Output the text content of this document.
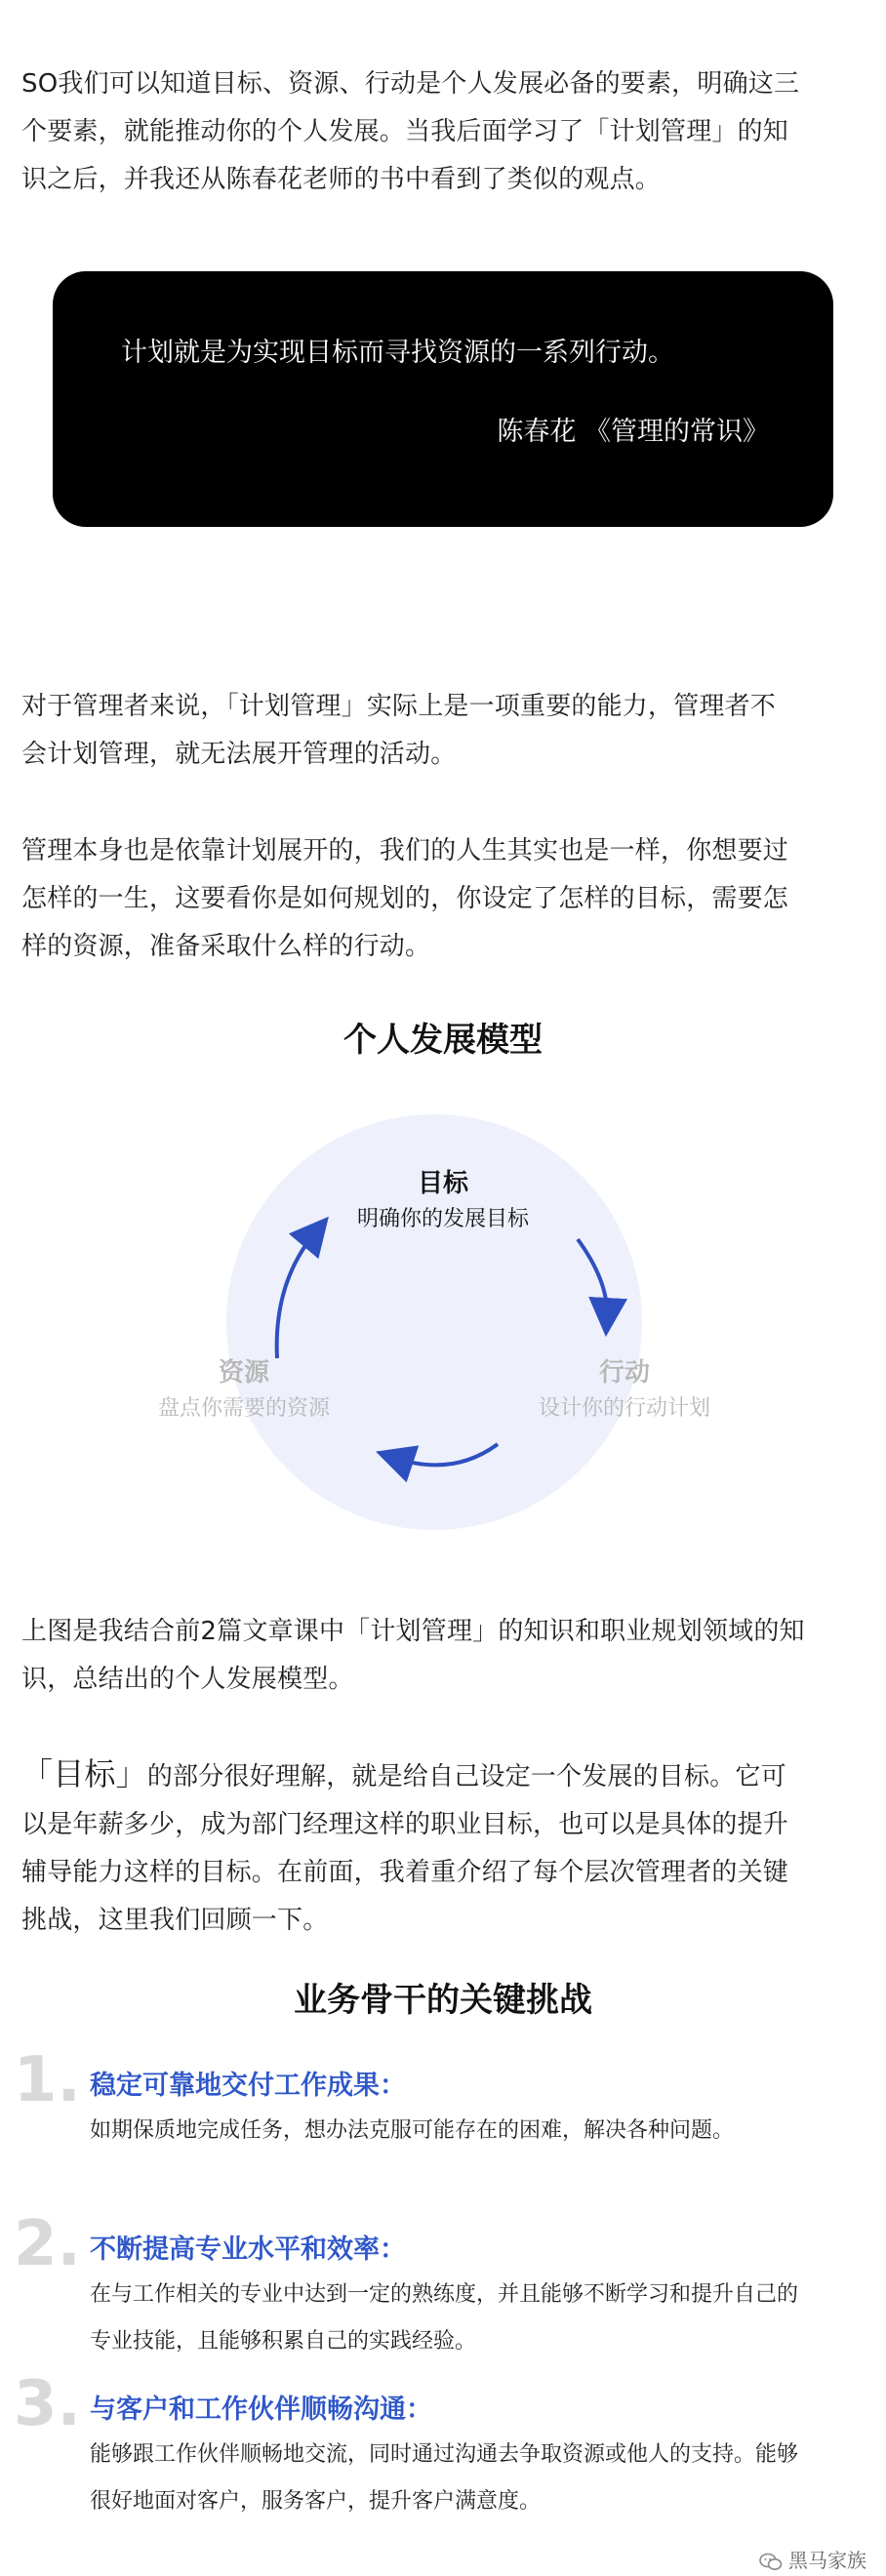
SO我们可以知道目标、资源、行动是个人发展必备的要素，明确这三
个要素，就能推动你的个人发展。当我后面学习了「计划管理」的知
识之后，并我还从陈春花老师的书中看到了类似的观点。
计划就是为实现目标而寻找资源的一系列行动。
陈春花 《管理的常识》
对于管理者来说，「计划管理」实际上是一项重要的能力，管理者不
会计划管理，就无法展开管理的活动。
管理本身也是依靠计划展开的，我们的人生其实也是一样，你想要过
怎样的一生，这要看你是如何规划的，你设定了怎样的目标，需要怎
样的资源，准备采取什么样的行动。
个人发展模型
目标
明确你的发展目标
行动
设计你的行动计划
资源
盘点你需要的资源
上图是我结合前2篇文章课中「计划管理」的知识和职业规划领域的知
识，总结出的个人发展模型。
「目标」的部分很好理解，就是给自己设定一个发展的目标。它可
以是年薪多少，成为部门经理这样的职业目标，也可以是具体的提升
辅导能力这样的目标。在前面，我着重介绍了每个层次管理者的关键
挑战，这里我们回顾一下。
业务骨干的关键挑战
1. 稳定可靠地交付工作成果：
如期保质地完成任务，想办法克服可能存在的困难，解决各种问题。
2. 不断提高专业水平和效率：
在与工作相关的专业中达到一定的熟练度，并且能够不断学习和提升自己的
专业技能，且能够积累自己的实践经验。
3. 与客户和工作伙伴顺畅沟通：
能够跟工作伙伴顺畅地交流，同时通过沟通去争取资源或他人的支持。能够
很好地面对客户，服务客户，提升客户满意度。
黑马家族
